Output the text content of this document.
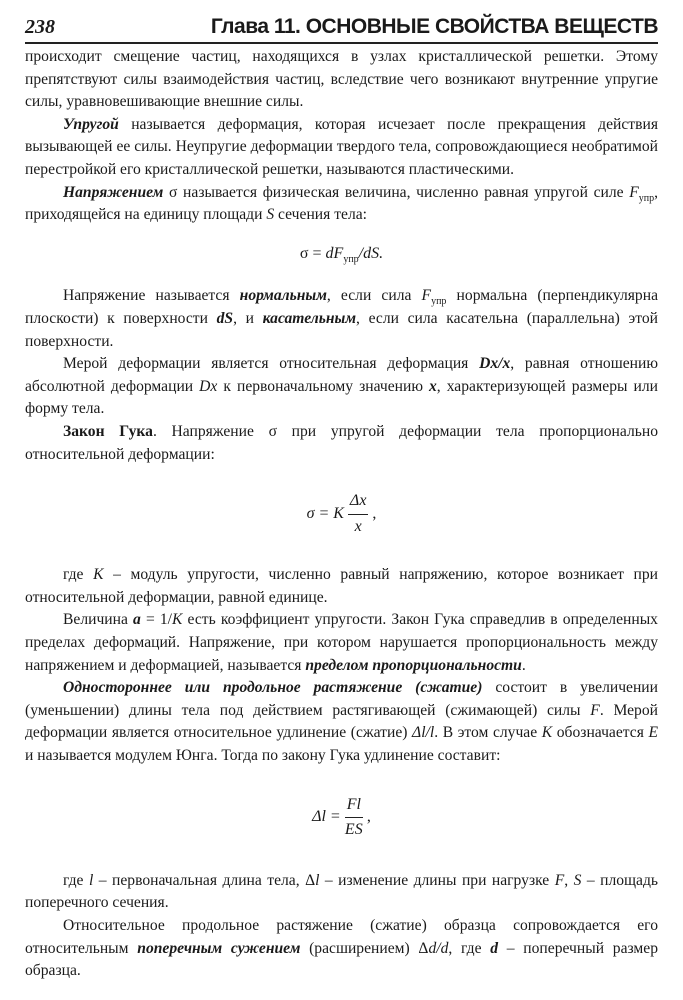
238	Глава 11. ОСНОВНЫЕ СВОЙСТВА ВЕЩЕСТВ

происходит смещение частиц, находящихся в узлах кристаллической решетки. Этому препятствуют силы взаимодействия частиц, вследствие чего возникают внутренние упругие силы, уравновешивающие внешние силы.

Упругой называется деформация, которая исчезает после прекращения действия вызывающей ее силы. Неупругие деформации твердого тела, сопровождающиеся необратимой перестройкой его кристаллической решетки, называются пластическими.

Напряжением σ называется физическая величина, численно равная упругой силе $F_{упр}$, приходящейся на единицу площади S сечения тела:

$\sigma = dF_{упр}/dS$.

Напряжение называется нормальным, если сила $F_{упр}$ нормальна (перпендикулярна плоскости) к поверхности dS, и касательным, если сила касательна (параллельна) этой поверхности.

Мерой деформации является относительная деформация Dx/x, равная отношению абсолютной деформации Dx к первоначальному значению x, характеризующей размеры или форму тела.

Закон Гука. Напряжение σ при упругой деформации тела пропорционально относительной деформации:

σ = K $\frac{\Delta x}{x}$ ,

где K – модуль упругости, численно равный напряжению, которое возникает при относительной деформации, равной единице.

Величина a = 1/K есть коэффициент упругости. Закон Гука справедлив в определенных пределах деформаций. Напряжение, при котором нарушается пропорциональность между напряжением и деформацией, называется пределом пропорциональности.

Одностороннее или продольное растяжение (сжатие) состоит в увеличении (уменьшении) длины тела под действием растягивающей (сжимающей) силы F. Мерой деформации является относительное удлинение (сжатие) Δl/l. В этом случае K обозначается E и называется модулем Юнга. Тогда по закону Гука удлинение составит:

$\Delta l = \frac{Fl}{ES}$ ,

где l – первоначальная длина тела, Δl – изменение длины при нагрузке F, S – площадь поперечного сечения.

Относительное продольное растяжение (сжатие) образца сопровождается его относительным поперечным сужением (расширением) Δd/d, где d – поперечный размер образца.
